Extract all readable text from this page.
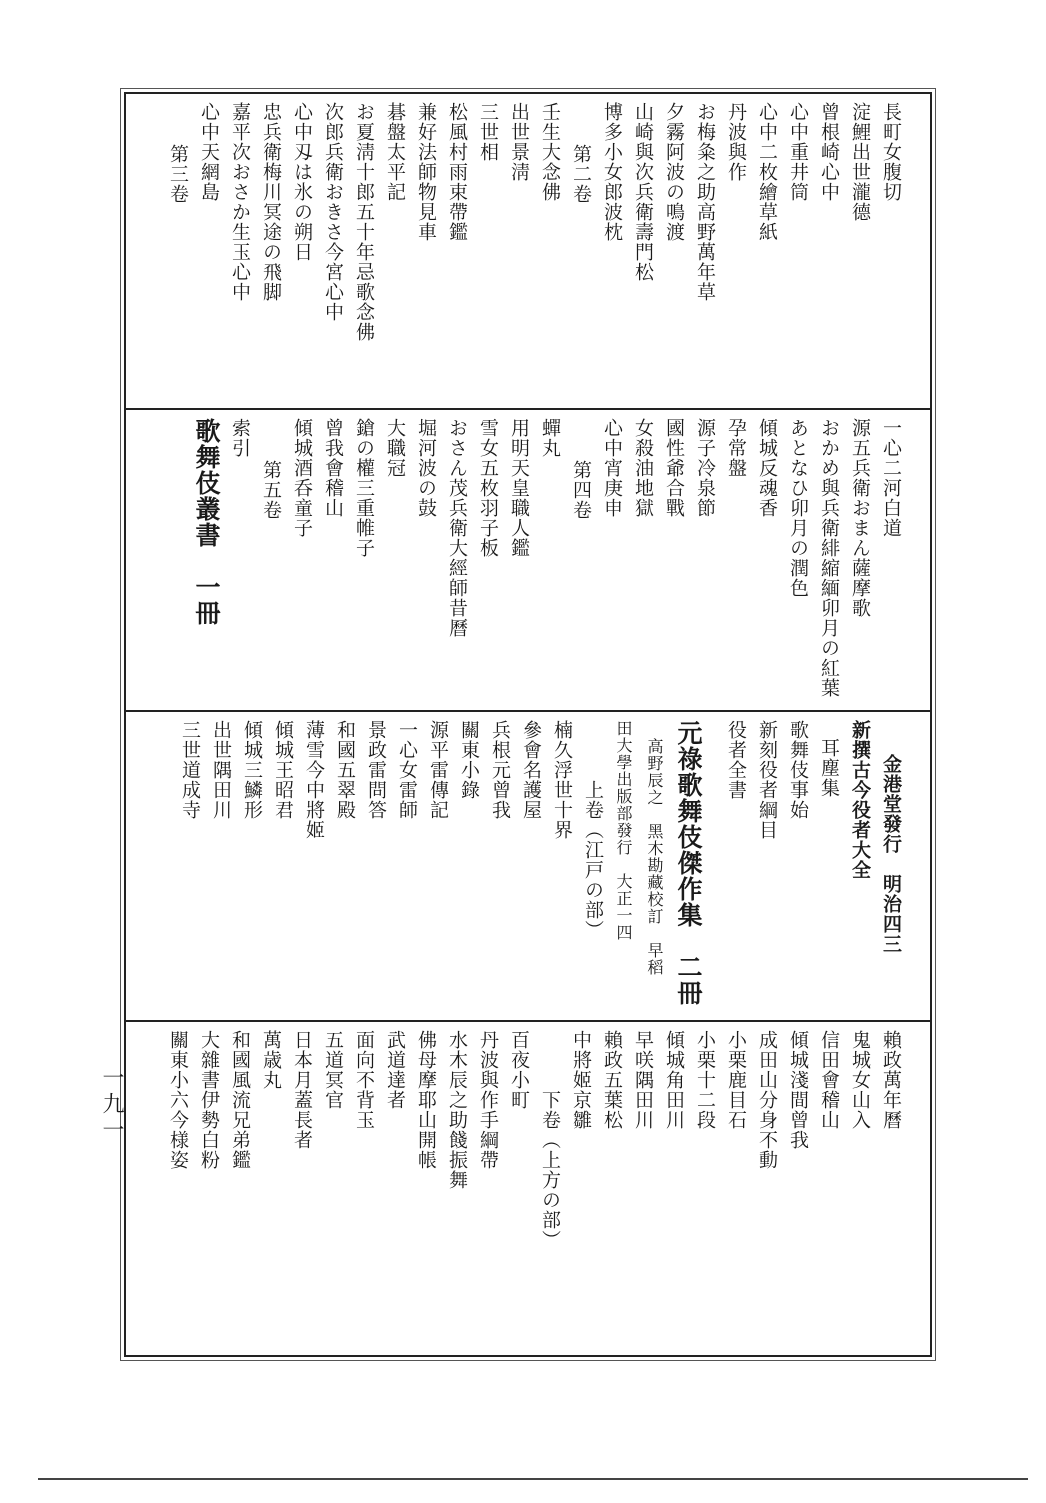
長町女腹切
淀鯉出世瀧德
曾根崎心中
心中重井筒
心中二枚繪草紙
丹波與作
お梅粂之助高野萬年草
夕霧阿波の鳴渡
山崎與次兵衛壽門松
博多小女郎波枕
第二卷
壬生大念佛
出世景淸
三世相
松風村雨束帶鑑
兼好法師物見車
碁盤太平記
お夏淸十郎五十年忌歌念佛
次郎兵衛おきさ今宮心中
心中刄は氷の朔日
忠兵衛梅川冥途の飛脚
嘉平次おさか生玉心中
心中天網島
第三卷
一心二河白道
源五兵衛おまん薩摩歌
おかめ與兵衛緋縮緬卯月の紅葉
あとなひ卯月の潤色
傾城反魂香
孕常盤
源子冷泉節
國性爺合戰
女殺油地獄
心中宵庚申
第四卷
蟬丸
用明天皇職人鑑
雪女五枚羽子板
おさん茂兵衛大經師昔曆
堀河波の鼓
大職冠
鎗の權三重帷子
曾我會稽山
傾城酒呑童子
第五卷
索引
歌舞伎叢書　一冊
金港堂發行　明治四三
新撰古今役者大全
耳塵集
歌舞伎事始
新刻役者綱目
役者全書
元祿歌舞伎傑作集　二冊
高野辰之　黑木勘藏校訂　早稻
田大學出版部發行　大正一四
上卷（江戸の部）
楠久浮世十界
參會名護屋
兵根元曾我
關東小錄
源平雷傳記
一心女雷師
景政雷問答
和國五翠殿
薄雪今中將姬
傾城王昭君
傾城三鱗形
出世隅田川
三世道成寺
賴政萬年曆
鬼城女山入
信田會稽山
傾城淺間曾我
成田山分身不動
小栗鹿目石
小栗十二段
傾城角田川
早咲隅田川
賴政五葉松
中將姬京雛
下卷（上方の部）
百夜小町
丹波與作手綱帶
水木辰之助餞振舞
佛母摩耶山開帳
武道達者
面向不背玉
五道冥官
日本月蓋長者
萬歳丸
和國風流兄弟鑑
大雜書伊勢白粉
關東小六今様姿
一九一
